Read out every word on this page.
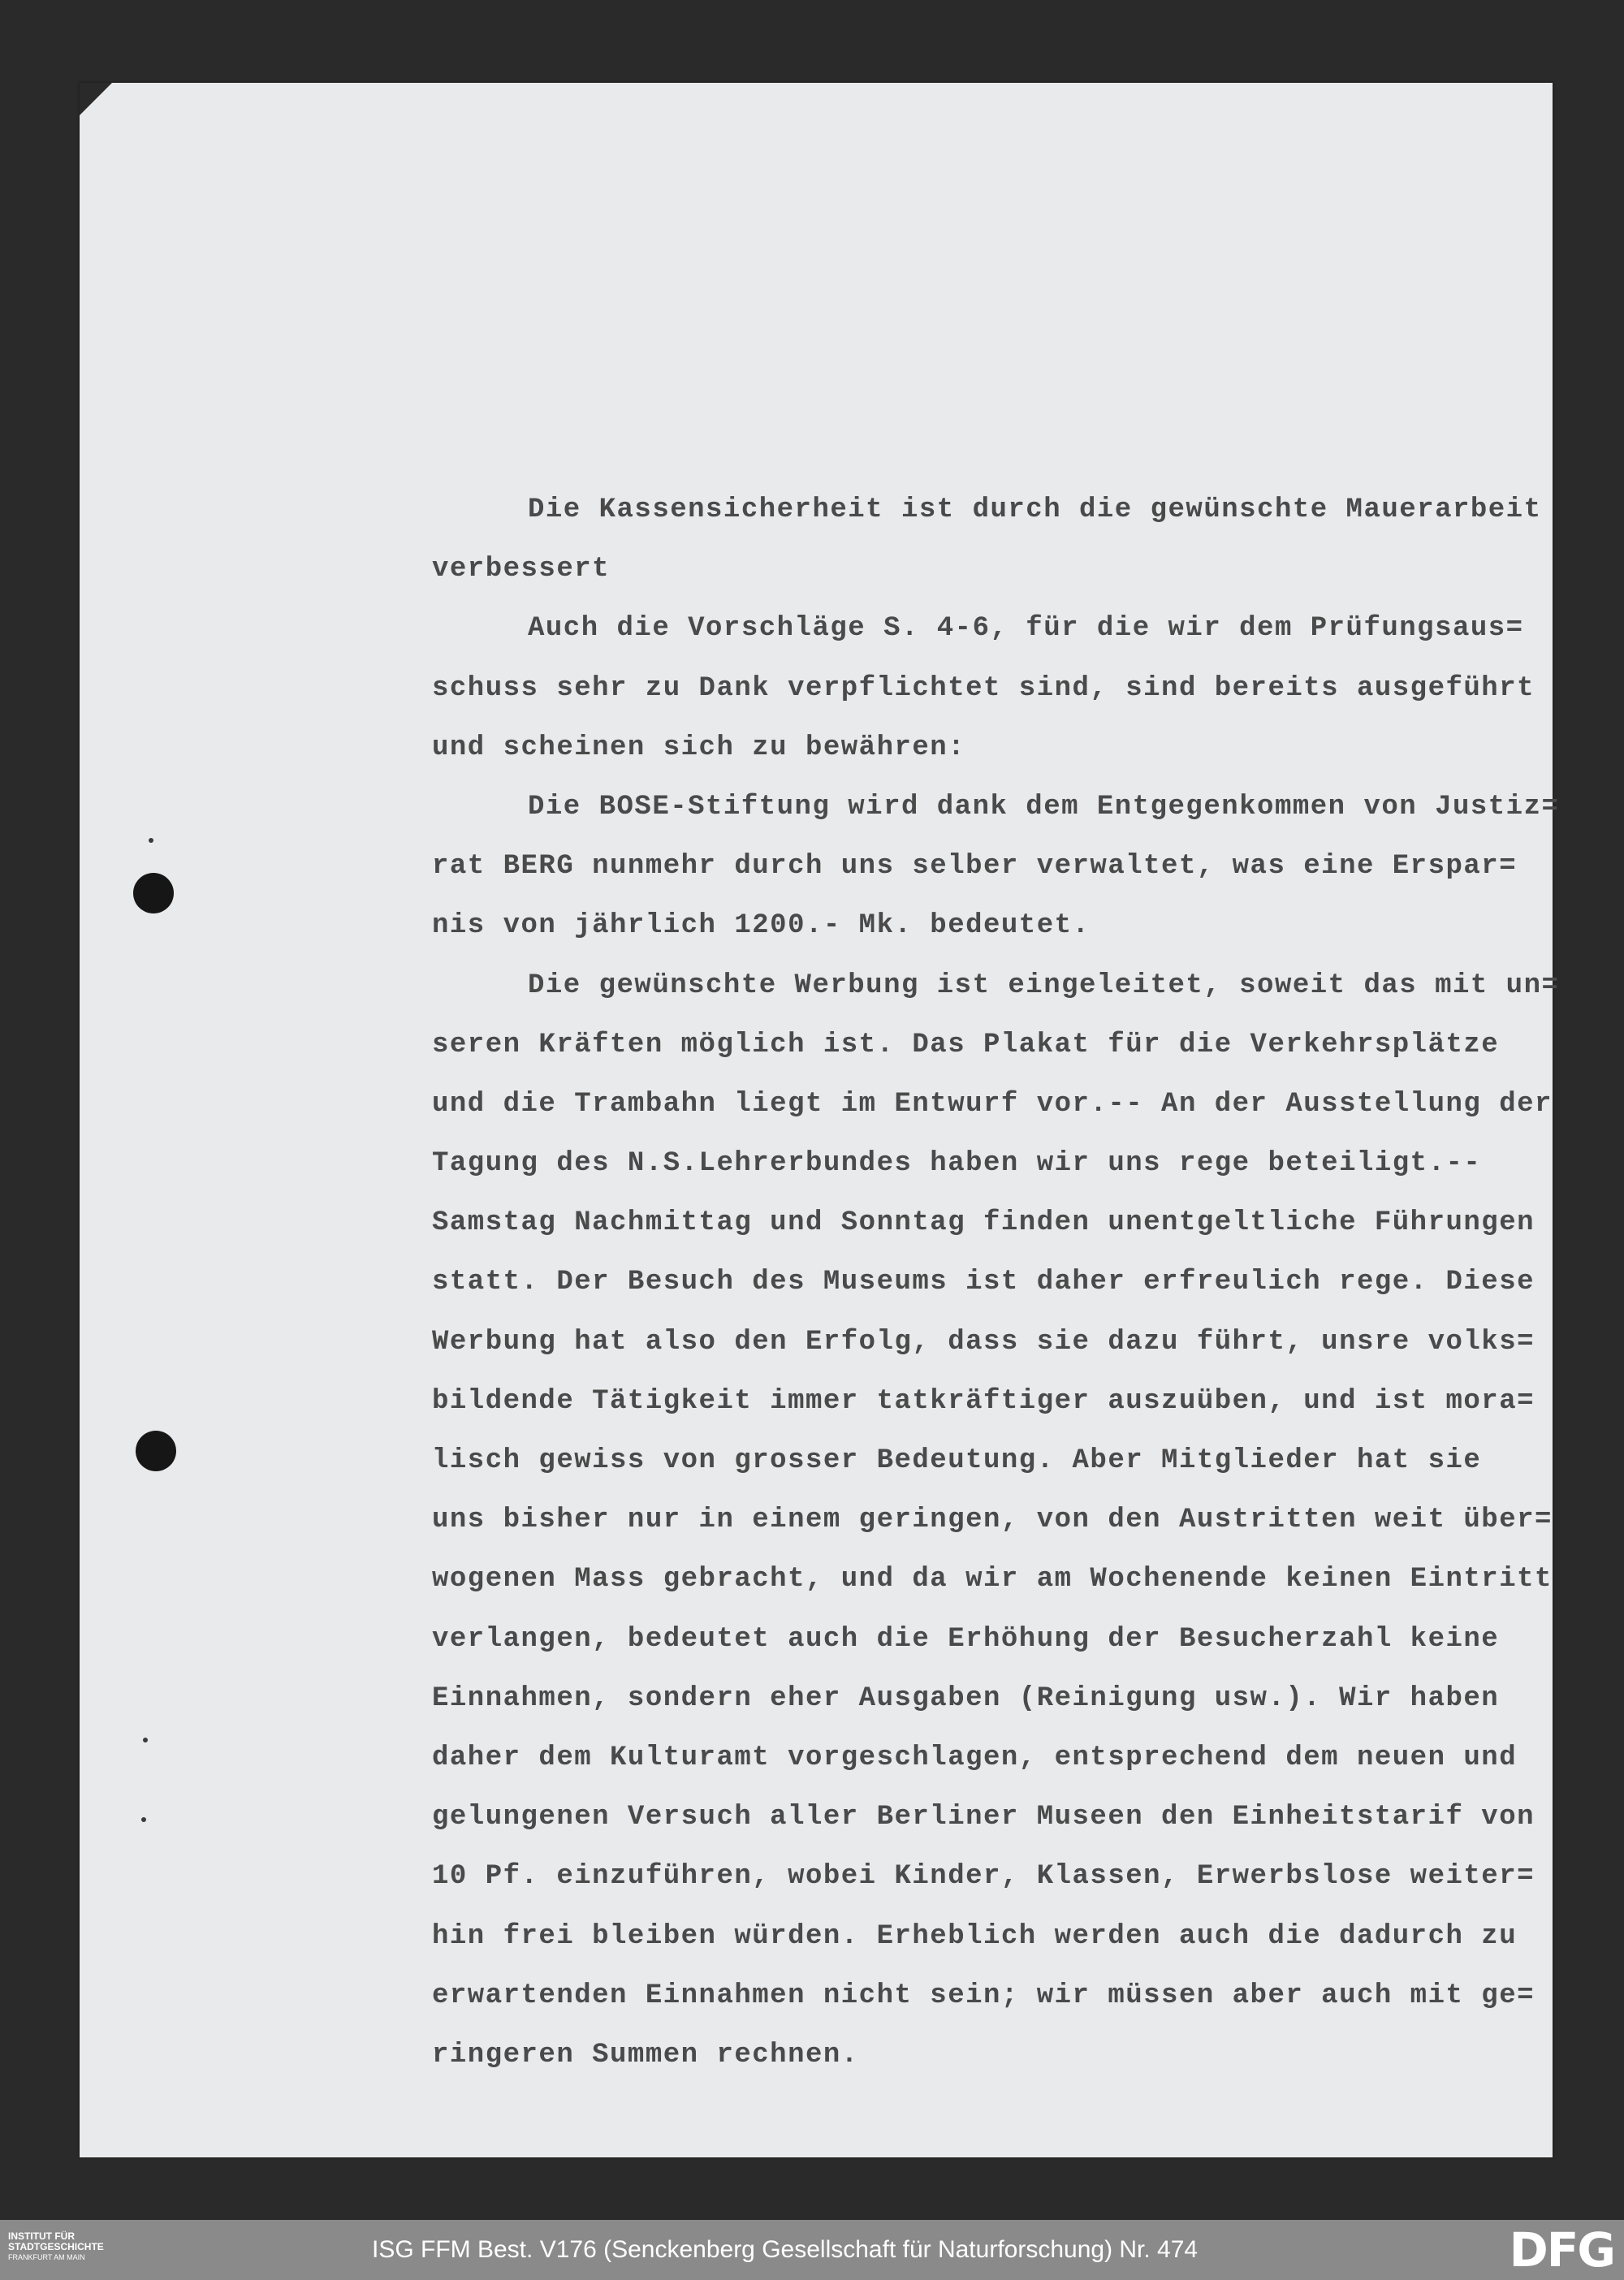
Die Kassensicherheit ist durch die gewünschte Mauerarbeit
verbessert
Auch die Vorschläge S. 4-6, für die wir dem Prüfungsaus=
schuss sehr zu Dank verpflichtet sind, sind bereits ausgeführt
und scheinen sich zu bewähren:
Die BOSE-Stiftung wird dank dem Entgegenkommen von Justiz=
rat BERG nunmehr durch uns selber verwaltet, was eine Erspar=
nis von jährlich 1200.- Mk. bedeutet.
Die gewünschte Werbung ist eingeleitet, soweit das mit un=
seren Kräften möglich ist. Das Plakat für die Verkehrsplätze
und die Trambahn liegt im Entwurf vor.-- An der Ausstellung der
Tagung des N.S.Lehrerbundes haben wir uns rege beteiligt.--
Samstag Nachmittag und Sonntag finden unentgeltliche Führungen
statt. Der Besuch des Museums ist daher erfreulich rege. Diese
Werbung hat also den Erfolg, dass sie dazu führt, unsre volks=
bildende Tätigkeit immer tatkräftiger auszuüben, und ist mora=
lisch gewiss von grosser Bedeutung. Aber Mitglieder hat sie
uns bisher nur in einem geringen, von den Austritten weit über=
wogenen Mass gebracht, und da wir am Wochenende keinen Eintritt
verlangen, bedeutet auch die Erhöhung der Besucherzahl keine
Einnahmen, sondern eher Ausgaben (Reinigung usw.). Wir haben
daher dem Kulturamt vorgeschlagen, entsprechend dem neuen und
gelungenen Versuch aller Berliner Museen den Einheitstarif von
10 Pf. einzuführen, wobei Kinder, Klassen, Erwerbslose weiter=
hin frei bleiben würden. Erheblich werden auch die dadurch zu
erwartenden Einnahmen nicht sein; wir müssen aber auch mit ge=
ringeren Summen rechnen.
INSTITUT FÜR
STADTGESCHICHTE
FRANKFURT AM MAIN	ISG FFM Best. V176 (Senckenberg Gesellschaft für Naturforschung) Nr. 474	DFG
